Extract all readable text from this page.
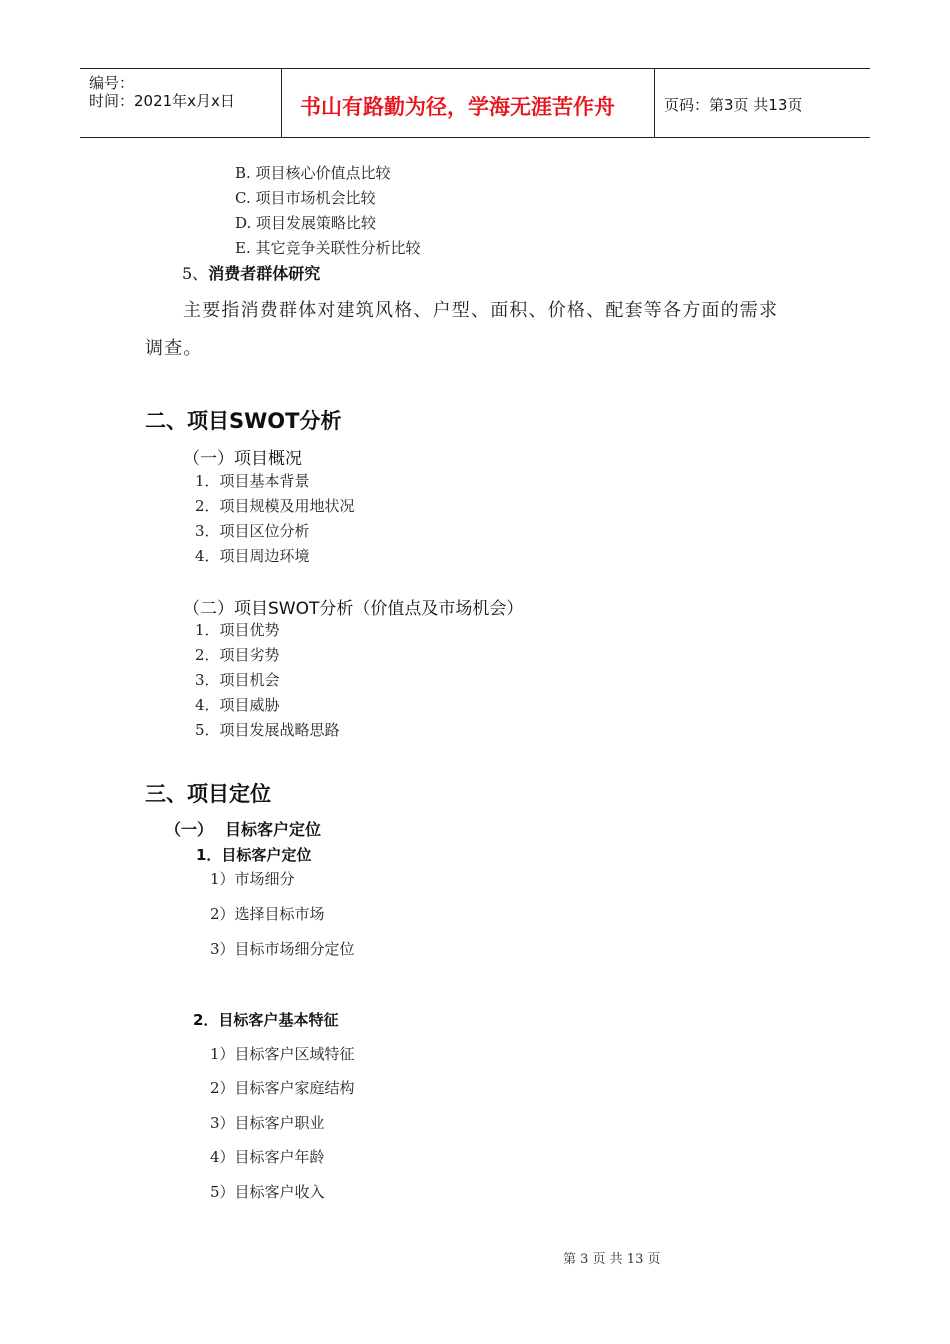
编号：
时间：2021年x月x日	书山有路勤为径，学海无涯苦作舟	页码：第3页 共13页
B. 项目核心价值点比较
C. 项目市场机会比较
D. 项目发展策略比较
E. 其它竞争关联性分析比较
5、消费者群体研究
主要指消费群体对建筑风格、户型、面积、价格、配套等各方面的需求
调查。
二、项目SWOT分析
（一）项目概况
1．项目基本背景
2．项目规模及用地状况
3．项目区位分析
4．项目周边环境
（二）项目SWOT分析（价值点及市场机会）
1．项目优势
2．项目劣势
3．项目机会
4．项目威胁
5．项目发展战略思路
三、项目定位
（一） 目标客户定位
1．目标客户定位
1）市场细分
2）选择目标市场
3）目标市场细分定位
2．目标客户基本特征
1）目标客户区域特征
2）目标客户家庭结构
3）目标客户职业
4）目标客户年龄
5）目标客户收入
第 3 页 共 13 页
